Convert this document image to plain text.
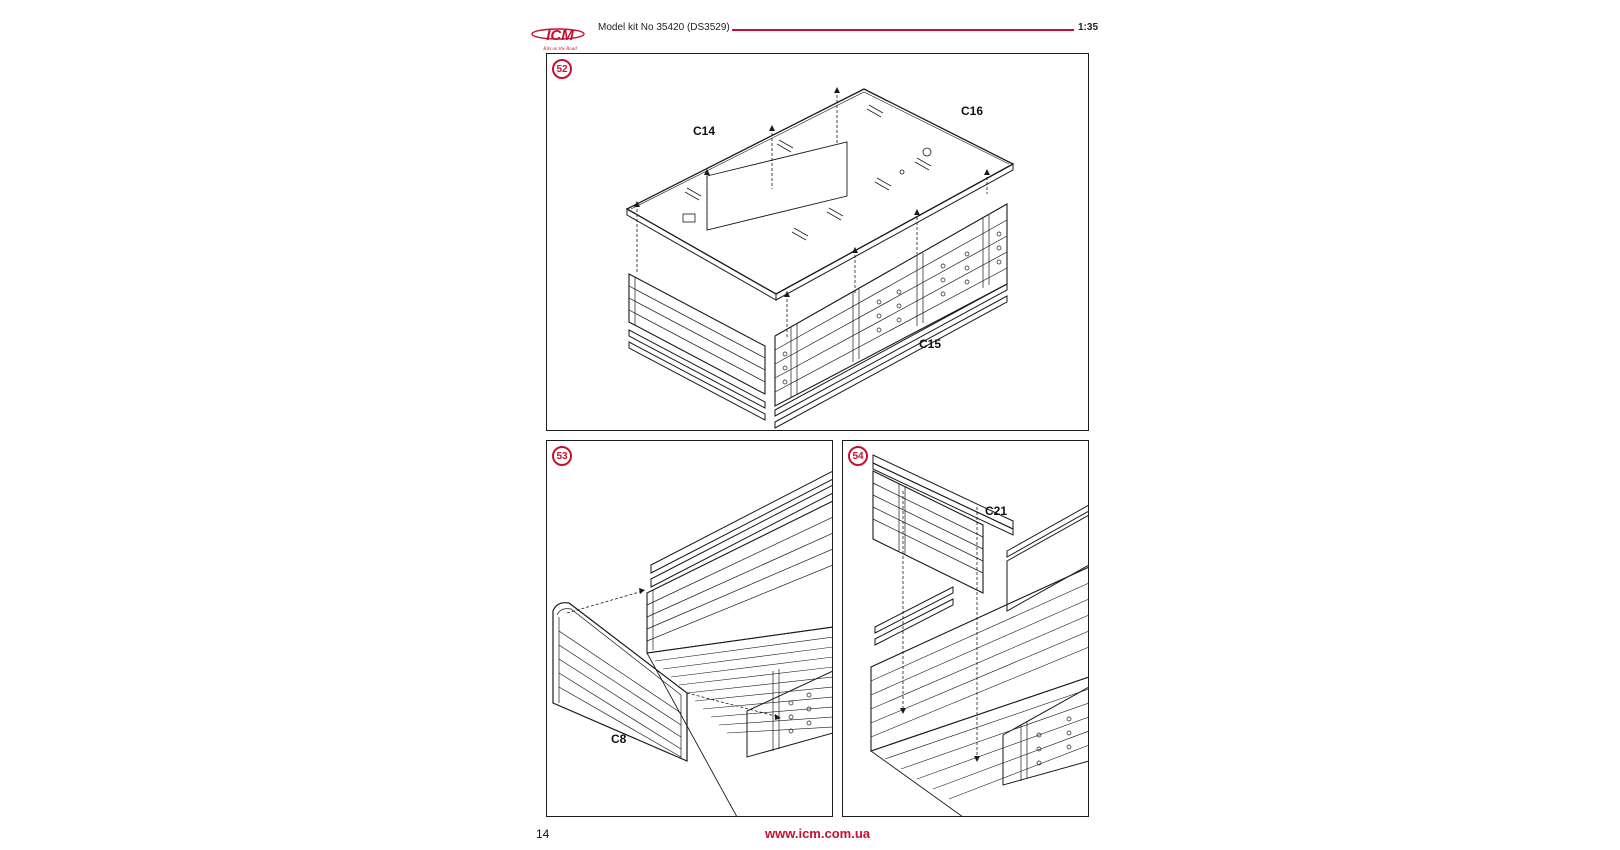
ICM
Kits on the Road
Model kit No 35420 (DS3529)	1:35
52
C14
C16
C15
53
C8
54
C21
14	www.icm.com.ua
